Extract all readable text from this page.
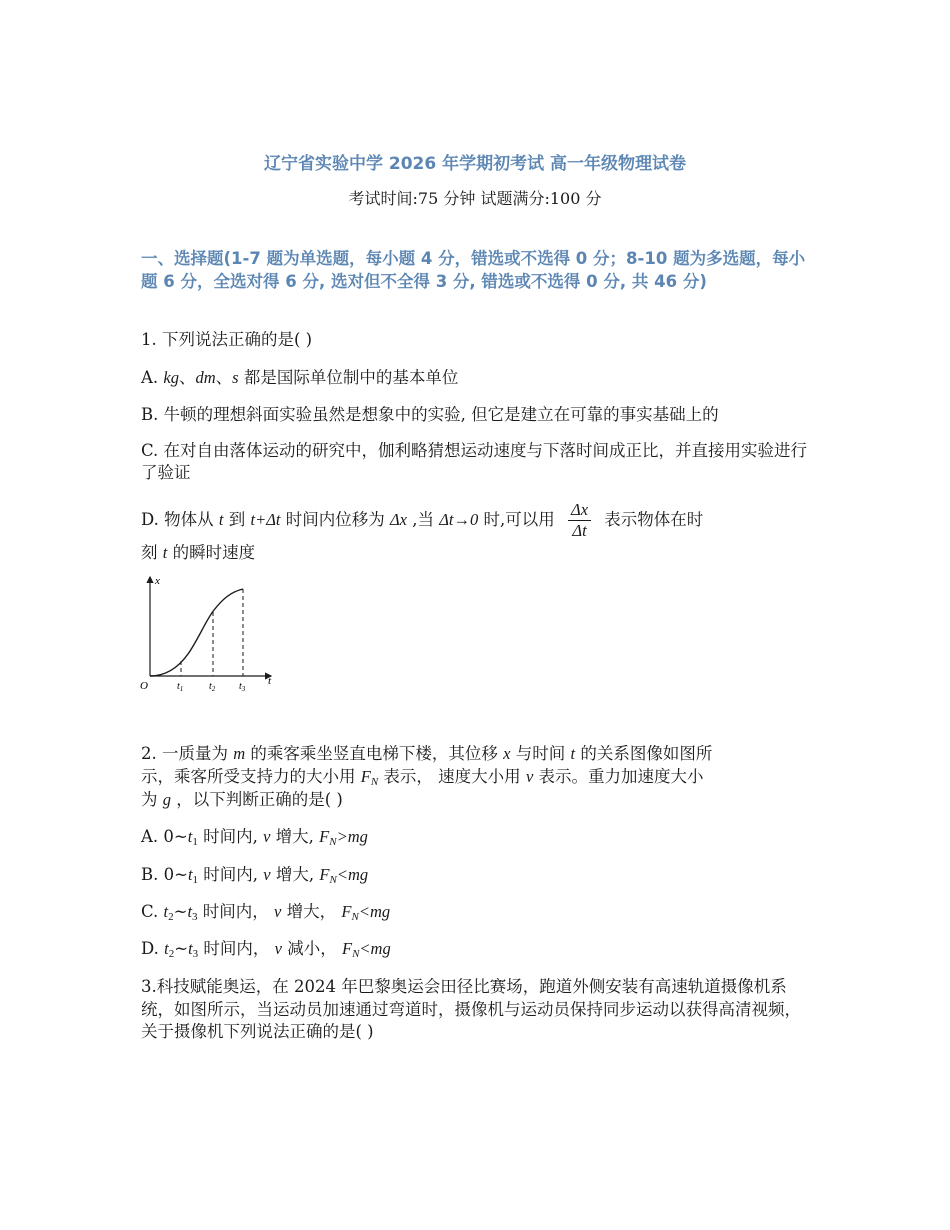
辽宁省实验中学 2026 年学期初考试 高一年级物理试卷
考试时间:75 分钟 试题满分:100 分
一、选择题(1-7 题为单选题，每小题 4 分，错选或不选得 0 分；8-10 题为多选题，每小题 6 分，全选对得 6 分, 选对但不全得 3 分, 错选或不选得 0 分, 共 46 分)
1. 下列说法正确的是( )
A. kg、dm、s 都是国际单位制中的基本单位
B. 牛顿的理想斜面实验虽然是想象中的实验, 但它是建立在可靠的事实基础上的
C. 在对自由落体运动的研究中，伽利略猜想运动速度与下落时间成正比，并直接用实验进行了验证
D. 物体从 t 到 t+Δt 时间内位移为 Δx ,当 Δt→0 时,可以用 $\frac{\Delta x}{\Delta t}$ 表示物体在时
刻 t 的瞬时速度
x
t
O	$t_1$	$t_2$ $t_3$
2. 一质量为 m 的乘客乘坐竖直电梯下楼，其位移 x 与时间 t 的关系图像如图所
示，乘客所受支持力的大小用 $F_N$ 表示， 速度大小用 v 表示。重力加速度大小
为 g ，以下判断正确的是( )
A. $0\sim t_1$ 时间内, v 增大, $F_N>mg$
B. $0\sim t_1$ 时间内, v 增大, $F_N<mg$
C. $t_2\sim t_3$ 时间内， v 增大， $F_N<mg$
D. $t_2\sim t_3$ 时间内， v 减小， $F_N<mg$
3.科技赋能奥运，在 2024 年巴黎奥运会田径比赛场，跑道外侧安装有高速轨道摄像机系统，如图所示，当运动员加速通过弯道时，摄像机与运动员保持同步运动以获得高清视频，关于摄像机下列说法正确的是( )
